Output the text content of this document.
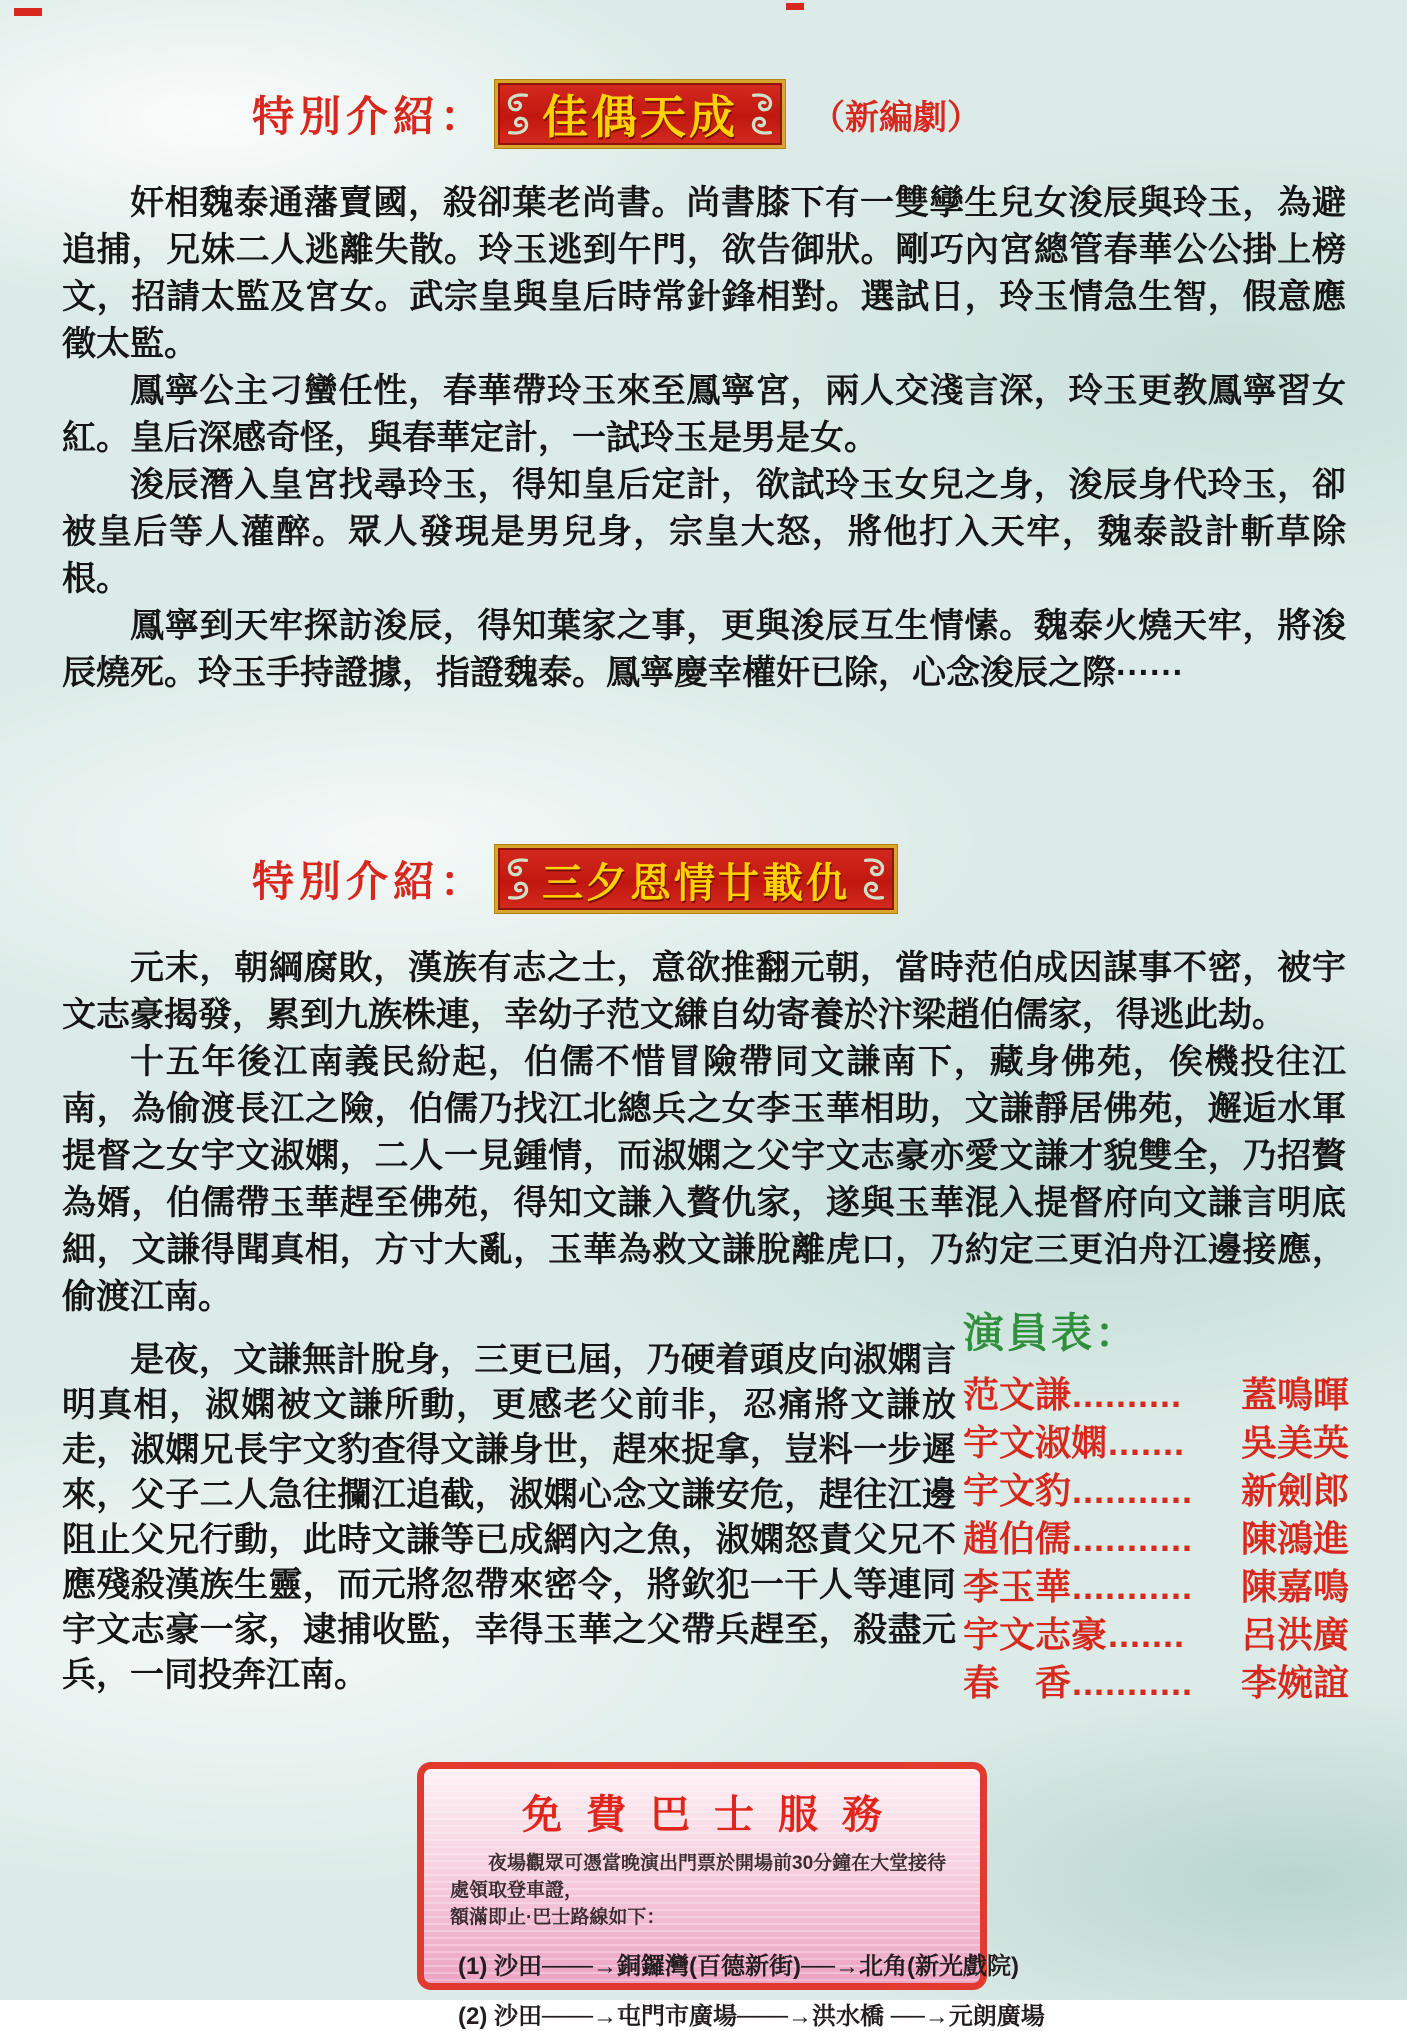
特別介紹： 佳偶天成 （新編劇）

奸相魏泰通藩賣國，殺卻葉老尚書。尚書膝下有一雙孿生兒女浚辰與玲玉，為避追捕，兄妹二人逃離失散。玲玉逃到午門，欲告御狀。剛巧內宮總管春華公公掛上榜文，招請太監及宮女。武宗皇與皇后時常針鋒相對。選試日，玲玉情急生智，假意應徵太監。

鳳寧公主刁蠻任性，春華帶玲玉來至鳳寧宮，兩人交淺言深，玲玉更教鳳寧習女紅。皇后深感奇怪，與春華定計，一試玲玉是男是女。

浚辰潛入皇宮找尋玲玉，得知皇后定計，欲試玲玉女兒之身，浚辰身代玲玉，卻被皇后等人灌醉。眾人發現是男兒身，宗皇大怒，將他打入天牢，魏泰設計斬草除根。

鳳寧到天牢探訪浚辰，得知葉家之事，更與浚辰互生情愫。魏泰火燒天牢，將浚辰燒死。玲玉手持證據，指證魏泰。鳳寧慶幸權奸已除，心念浚辰之際······

特別介紹： 三夕恩情廿載仇

元末，朝綱腐敗，漢族有志之士，意欲推翻元朝，當時范伯成因謀事不密，被宇文志豪揭發，累到九族株連，幸幼子范文縑自幼寄養於汴梁趙伯儒家，得逃此劫。

十五年後江南義民紛起，伯儒不惜冒險帶同文謙南下，藏身佛苑，俟機投往江南，為偷渡長江之險，伯儒乃找江北總兵之女李玉華相助，文謙靜居佛苑，邂逅水軍提督之女宇文淑嫻，二人一見鍾情，而淑嫻之父宇文志豪亦愛文謙才貌雙全，乃招贅為婿，伯儒帶玉華趕至佛苑，得知文謙入贅仇家，遂與玉華混入提督府向文謙言明底細，文謙得聞真相，方寸大亂，玉華為救文謙脫離虎口，乃約定三更泊舟江邊接應，偷渡江南。

是夜，文謙無計脫身，三更已屆，乃硬着頭皮向淑嫻言明真相，淑嫻被文謙所動，更感老父前非，忍痛將文謙放走，淑嫻兄長宇文豹查得文謙身世，趕來捉拿，豈料一步遲來，父子二人急往攔江追截，淑嫻心念文謙安危，趕往江邊阻止父兄行動，此時文謙等已成網內之魚，淑嫻怒責父兄不應殘殺漢族生靈，而元將忽帶來密令，將欽犯一干人等連同宇文志豪一家，逮捕收監，幸得玉華之父帶兵趕至，殺盡元兵，一同投奔江南。

演員表：

范文謙 ..........	蓋鳴暉
宇文淑嫻 .......	吳美英
宇文豹 ...........	新劍郎
趙伯儒 ...........	陳鴻進
李玉華 ...........	陳嘉鳴
宇文志豪 .......	呂洪廣
春　香 ...........	李婉誼

免費巴士服務

夜場觀眾可憑當晚演出門票於開場前30分鐘在大堂接待處領取登車證，

額滿即止·巴士路線如下：

(1) 沙田───→銅鑼灣(百德新街)──→北角(新光戲院)

(2) 沙田───→屯門市廣場───→洪水橋 ──→元朗廣場
